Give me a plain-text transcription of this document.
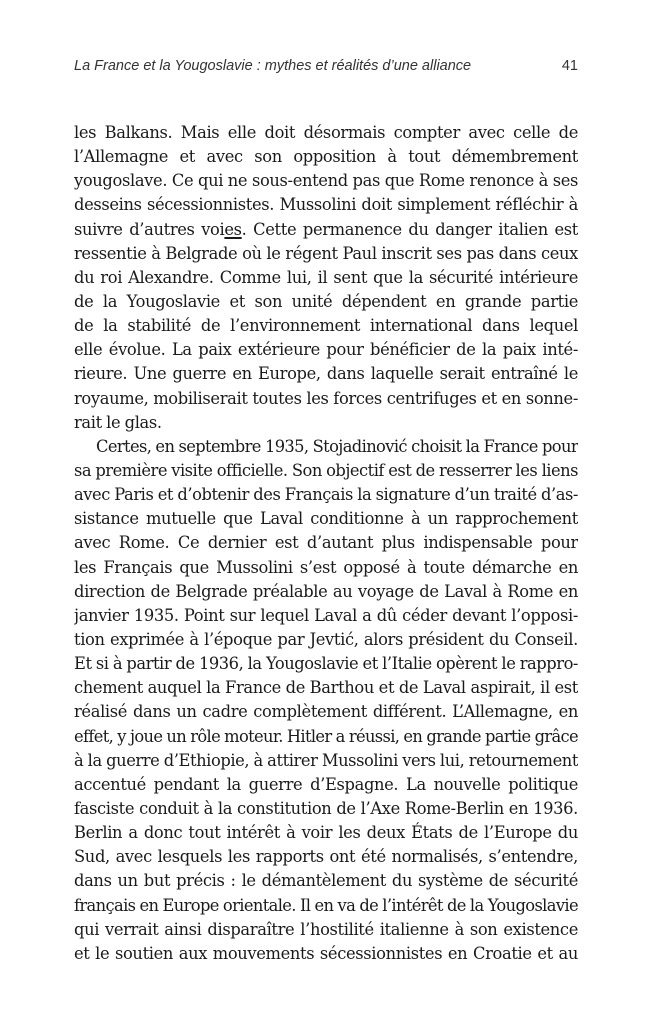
La France et la Yougoslavie : mythes et réalités d’une alliance	41
les Balkans. Mais elle doit désormais compter avec celle de
l’Allemagne et avec son opposition à tout démembrement
yougoslave. Ce qui ne sous-entend pas que Rome renonce à ses
desseins sécessionnistes. Mussolini doit simplement réfléchir à
suivre d’autres voies. Cette permanence du danger italien est
ressentie à Belgrade où le régent Paul inscrit ses pas dans ceux
du roi Alexandre. Comme lui, il sent que la sécurité intérieure
de la Yougoslavie et son unité dépendent en grande partie
de la stabilité de l’environnement international dans lequel
elle évolue. La paix extérieure pour bénéficier de la paix inté-
rieure. Une guerre en Europe, dans laquelle serait entraîné le
royaume, mobiliserait toutes les forces centrifuges et en sonne-
rait le glas.
Certes, en septembre 1935, Stojadinović choisit la France pour
sa première visite officielle. Son objectif est de resserrer les liens
avec Paris et d’obtenir des Français la signature d’un traité d’as-
sistance mutuelle que Laval conditionne à un rapprochement
avec Rome. Ce dernier est d’autant plus indispensable pour
les Français que Mussolini s’est opposé à toute démarche en
direction de Belgrade préalable au voyage de Laval à Rome en
janvier 1935. Point sur lequel Laval a dû céder devant l’opposi-
tion exprimée à l’époque par Jevtić, alors président du Conseil.
Et si à partir de 1936, la Yougoslavie et l’Italie opèrent le rappro-
chement auquel la France de Barthou et de Laval aspirait, il est
réalisé dans un cadre complètement différent. L’Allemagne, en
effet, y joue un rôle moteur. Hitler a réussi, en grande partie grâce
à la guerre d’Ethiopie, à attirer Mussolini vers lui, retournement
accentué pendant la guerre d’Espagne. La nouvelle politique
fasciste conduit à la constitution de l’Axe Rome-Berlin en 1936.
Berlin a donc tout intérêt à voir les deux États de l’Europe du
Sud, avec lesquels les rapports ont été normalisés, s’entendre,
dans un but précis : le démantèlement du système de sécurité
français en Europe orientale. Il en va de l’intérêt de la Yougoslavie
qui verrait ainsi disparaître l’hostilité italienne à son existence
et le soutien aux mouvements sécessionnistes en Croatie et au
